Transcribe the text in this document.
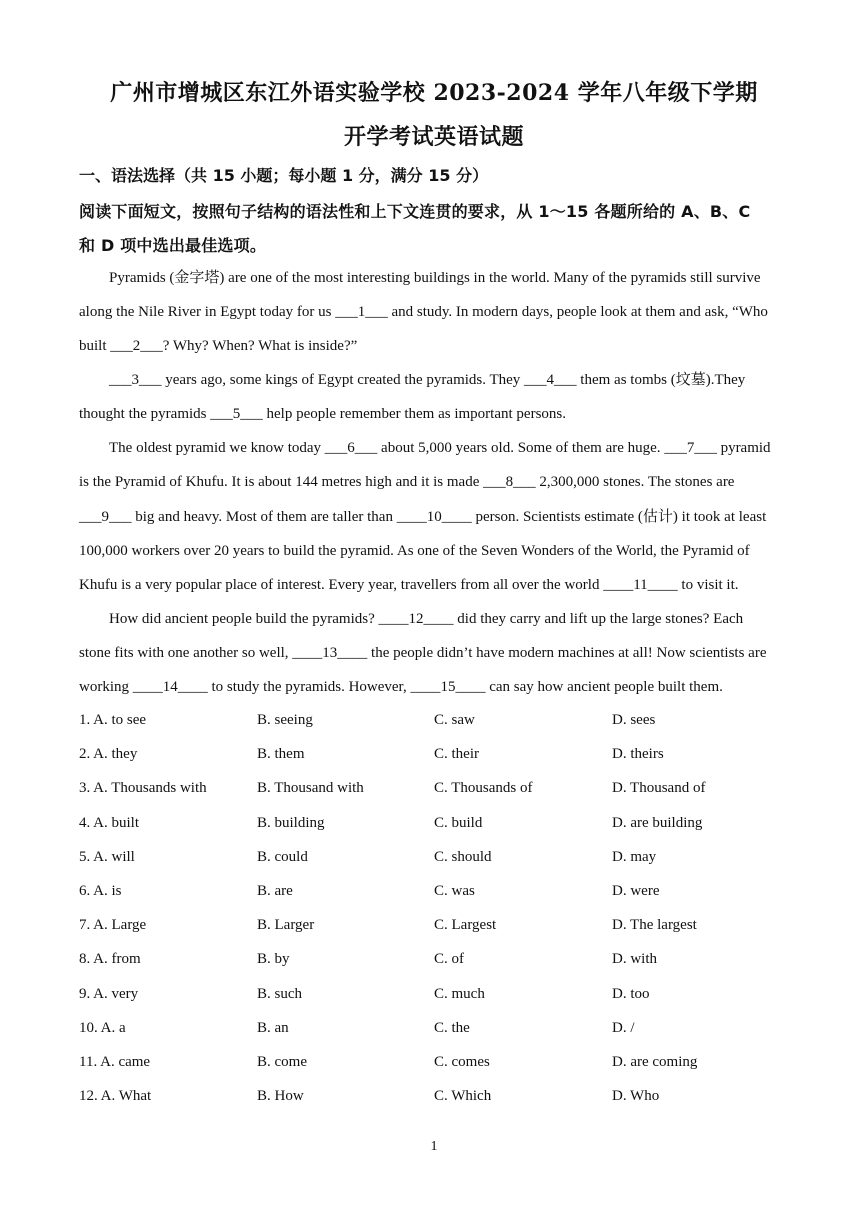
广州市增城区东江外语实验学校 2023-2024 学年八年级下学期
开学考试英语试题
一、语法选择（共 15 小题；每小题 1 分，满分 15 分）
阅读下面短文，按照句子结构的语法性和上下文连贯的要求，从 1～15 各题所给的 A、B、C
和 D 项中选出最佳选项。
Pyramids (金字塔) are one of the most interesting buildings in the world. Many of the pyramids still survive
along the Nile River in Egypt today for us ___1___ and study. In modern days, people look at them and ask, “Who
built ___2___? Why? When? What is inside?”
___3___ years ago, some kings of Egypt created the pyramids. They ___4___ them as tombs (坟墓).They
thought the pyramids ___5___ help people remember them as important persons.
The oldest pyramid we know today ___6___ about 5,000 years old. Some of them are huge. ___7___ pyramid
is the Pyramid of Khufu. It is about 144 metres high and it is made ___8___ 2,300,000 stones. The stones are
___9___ big and heavy. Most of them are taller than ____10____ person. Scientists estimate (估计) it took at least
100,000 workers over 20 years to build the pyramid. As one of the Seven Wonders of the World, the Pyramid of
Khufu is a very popular place of interest. Every year, travellers from all over the world ____11____ to visit it.
How did ancient people build the pyramids? ____12____ did they carry and lift up the large stones? Each
stone fits with one another so well, ____13____ the people didn’t have modern machines at all! Now scientists are
working ____14____ to study the pyramids. However, ____15____ can say how ancient people built them.
1. A. to see	B. seeing	C. saw	D. sees
2. A. they	B. them	C. their	D. theirs
3. A. Thousands with	B. Thousand with	C. Thousands of	D. Thousand of
4. A. built	B. building	C. build	D. are building
5. A. will	B. could	C. should	D. may
6. A. is	B. are	C. was	D. were
7. A. Large	B. Larger	C. Largest	D. The largest
8. A. from	B. by	C. of	D. with
9. A. very	B. such	C. much	D. too
10. A. a	B. an	C. the	D. /
11. A. came	B. come	C. comes	D. are coming
12. A. What	B. How	C. Which	D. Who
1
